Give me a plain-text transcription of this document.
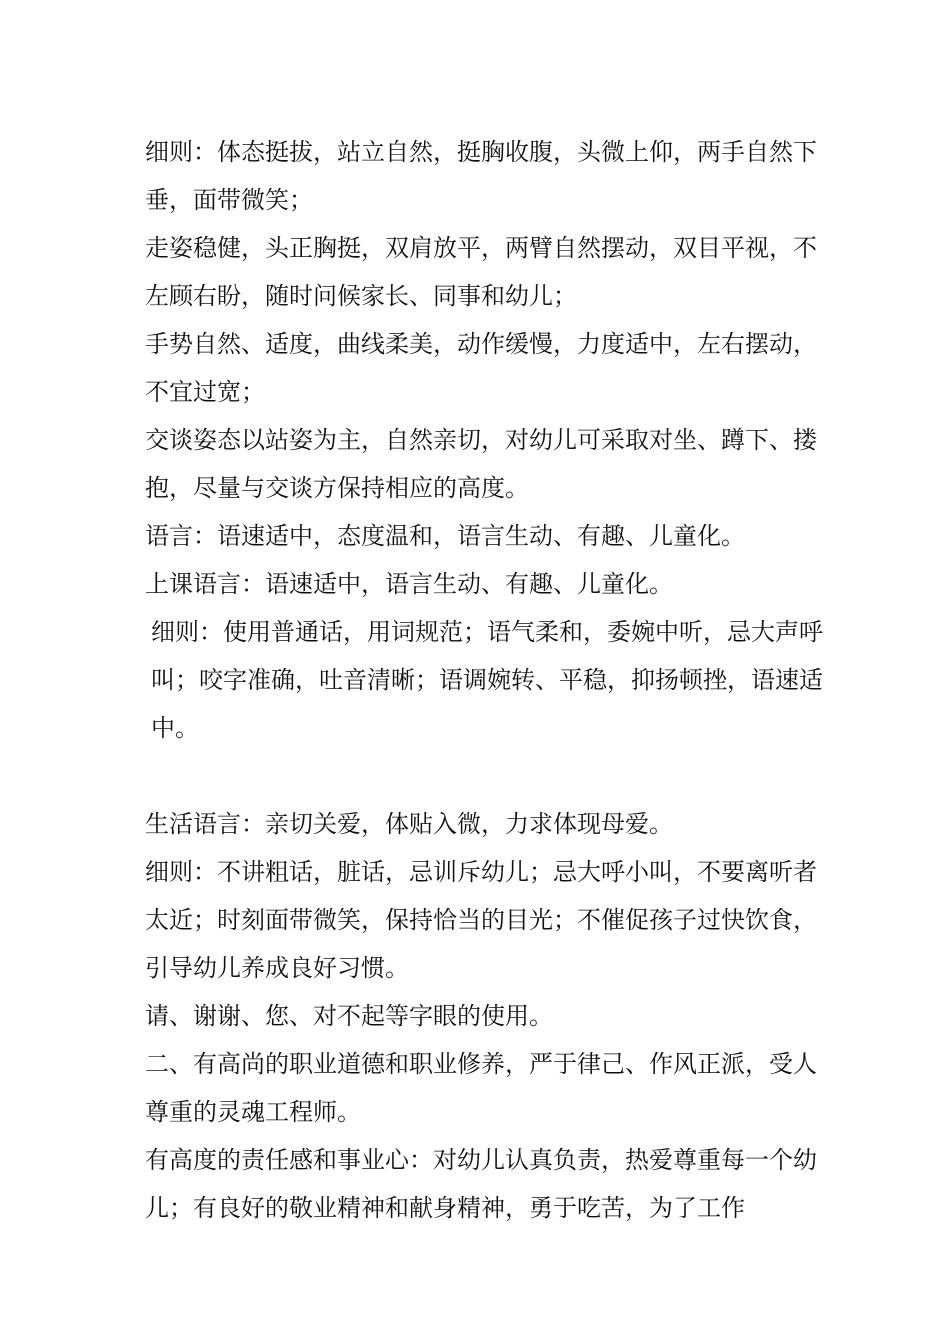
细则：体态挺拔，站立自然，挺胸收腹，头微上仰，两手自然下垂，面带微笑；

走姿稳健，头正胸挺，双肩放平，两臂自然摆动，双目平视，不左顾右盼，随时问候家长、同事和幼儿；

手势自然、适度，曲线柔美，动作缓慢，力度适中，左右摆动，不宜过宽；

交谈姿态以站姿为主，自然亲切，对幼儿可采取对坐、蹲下、搂抱，尽量与交谈方保持相应的高度。

语言：语速适中，态度温和，语言生动、有趣、儿童化。

上课语言：语速适中，语言生动、有趣、儿童化。

细则：使用普通话，用词规范；语气柔和，委婉中听，忌大声呼叫；咬字准确，吐音清晰；语调婉转、平稳，抑扬顿挫，语速适中。

生活语言：亲切关爱，体贴入微，力求体现母爱。

细则：不讲粗话，脏话，忌训斥幼儿；忌大呼小叫，不要离听者太近；时刻面带微笑，保持恰当的目光；不催促孩子过快饮食，引导幼儿养成良好习惯。

请、谢谢、您、对不起等字眼的使用。

二、有高尚的职业道德和职业修养，严于律己、作风正派，受人尊重的灵魂工程师。

有高度的责任感和事业心：对幼儿认真负责，热爱尊重每一个幼儿；有良好的敬业精神和献身精神，勇于吃苦，为了工作
